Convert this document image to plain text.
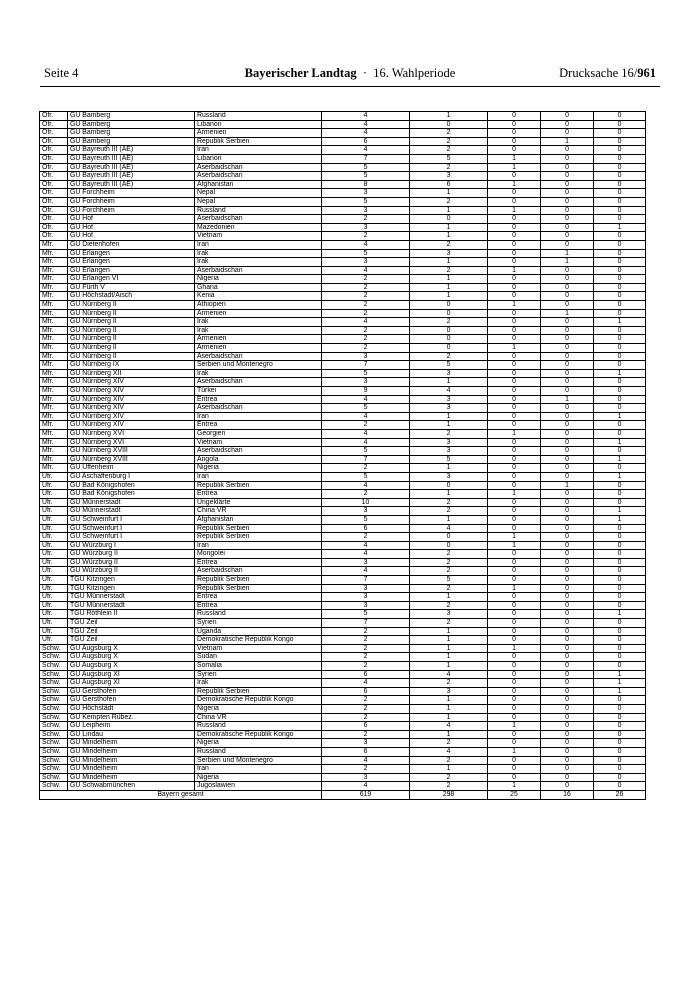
Seite 4	Bayerischer Landtag · 16. Wahlperiode	Drucksache 16/961
Ofr.	GU Bamberg	Russland	4	1	0	0	0
Ofr.	GU Bamberg	Libanon	4	0	0	0	0
Ofr.	GU Bamberg	Armenien	4	2	0	0	0
Ofr.	GU Bamberg	Republik Serbien	6	2	0	1	0
Ofr.	GU Bayreuth III (AE)	Iran	4	2	0	0	0
Ofr.	GU Bayreuth III (AE)	Libanon	7	5	1	0	0
Ofr.	GU Bayreuth III (AE)	Aserbaidschan	5	2	1	0	0
Ofr.	GU Bayreuth III (AE)	Aserbaidschan	5	3	0	0	0
Ofr.	GU Bayreuth III (AE)	Afghanistan	8	6	1	0	0
Ofr.	GU Forchheim	Nepal	3	1	0	0	0
Ofr.	GU Forchheim	Nepal	5	2	0	0	0
Ofr.	GU Forchheim	Russland	3	1	1	0	0
Ofr.	GU Hof	Aserbaidschan	2	0	0	0	0
Ofr.	GU Hof	Mazedonien	3	1	0	0	1
Ofr.	GU Hof	Vietnam	2	1	0	0	0
Mfr.	GU Dietenhofen	Iran	4	2	0	0	0
Mfr.	GU Erlangen	Irak	5	3	0	1	0
Mfr.	GU Erlangen	Irak	3	1	0	1	0
Mfr.	GU Erlangen	Aserbaidschan	4	2	1	0	0
Mfr.	GU Erlangen VI	Nigeria	2	1	0	0	0
Mfr.	GU Fürth V	Ghana	2	1	0	0	0
Mfr.	GU Höchstadt/Aisch	Kenia	2	1	0	0	0
Mfr.	GU Nürnberg II	Äthiopien	2	0	1	0	0
Mfr.	GU Nürnberg II	Armenien	2	0	0	1	0
Mfr.	GU Nürnberg II	Irak	4	2	0	0	1
Mfr.	GU Nürnberg II	Irak	2	0	0	0	0
Mfr.	GU Nürnberg II	Armenien	2	0	0	0	0
Mfr.	GU Nürnberg II	Armenien	2	0	1	0	0
Mfr.	GU Nürnberg II	Aserbaidschan	3	2	0	0	0
Mfr.	GU Nürnberg IX	Serbien und Montenegro	7	5	0	0	0
Mfr.	GU Nürnberg XII	Irak	5	3	0	0	1
Mfr.	GU Nürnberg XIV	Aserbaidschan	3	1	0	0	0
Mfr.	GU Nürnberg XIV	Türkei	9	4	0	0	0
Mfr.	GU Nürnberg XIV	Eritrea	4	3	0	1	0
Mfr.	GU Nürnberg XIV	Aserbaidschan	5	3	0	0	0
Mfr.	GU Nürnberg XIV	Iran	4	1	0	0	1
Mfr.	GU Nürnberg XIV	Eritrea	2	1	0	0	0
Mfr.	GU Nürnberg XVI	Georgien	4	2	1	0	0
Mfr.	GU Nürnberg XVI	Vietnam	4	3	0	0	1
Mfr.	GU Nürnberg XVIII	Aserbaidschan	5	3	0	0	0
Mfr.	GU Nürnberg XVIII	Angola	7	5	0	0	1
Mfr.	GU Uffenheim	Nigeria	2	1	0	0	0
Ufr.	GU Aschaffenburg I	Iran	5	3	0	0	1
Ufr.	GU Bad Königshofen	Republik Serbien	4	0	0	1	0
Ufr.	GU Bad Königshofen	Eritrea	2	1	1	0	0
Ufr.	GU Münnerstadt	Ungeklärte	10	2	0	0	0
Ufr.	GU Münnerstadt	China VR	3	2	0	0	1
Ufr.	GU Schweinfurt I	Afghanistan	5	1	0	0	1
Ufr.	GU Schweinfurt I	Republik Serbien	6	4	0	0	0
Ufr.	GU Schweinfurt I	Republik Serbien	2	0	1	0	0
Ufr.	GU Würzburg I	Iran	4	0	1	0	0
Ufr.	GU Würzburg II	Mongolei	4	2	0	0	0
Ufr.	GU Würzburg II	Eritrea	3	2	0	0	0
Ufr.	GU Würzburg II	Aserbaidschan	4	2	0	0	0
Ufr.	TGU Kitzingen	Republik Serbien	7	5	0	0	0
Ufr.	TGU Kitzingen	Republik Serbien	3	2	1	0	0
Ufr.	TGU Münnerstadt	Eritrea	3	1	0	0	0
Ufr.	TGU Münnerstadt	Eritrea	3	2	0	0	0
Ufr.	TGU Röthlein II	Russland	5	3	0	0	1
Ufr.	TGU Zeil	Syrien	7	2	0	0	0
Ufr.	TGU Zeil	Uganda	2	1	0	0	0
Ufr.	TGU Zeil	Demokratische Republik Kongo	2	1	0	0	0
Schw.	GU Augsburg X	Vietnam	2	1	1	0	0
Schw.	GU Augsburg X	Sudan	2	1	0	0	0
Schw.	GU Augsburg X	Somalia	2	1	0	0	0
Schw.	GU Augsburg XI	Syrien	6	4	0	0	1
Schw.	GU Augsburg XI	Irak	4	2	0	0	1
Schw.	GU Gersthofen	Republik Serbien	6	3	0	0	1
Schw.	GU Gersthofen	Demokratische Republik Kongo	2	1	0	0	0
Schw.	GU Höchstädt	Nigeria	2	1	0	0	0
Schw.	GU Kempten Rübez.	China VR	2	1	0	0	0
Schw.	GU Leipheim	Russland	6	4	1	0	0
Schw.	GU Lindau	Demokratische Republik Kongo	2	1	0	0	0
Schw.	GU Mindelheim	Nigeria	3	2	0	0	0
Schw.	GU Mindelheim	Russland	6	4	1	0	0
Schw.	GU Mindelheim	Serbien und Montenegro	4	2	0	0	0
Schw.	GU Mindelheim	Iran	2	1	0	0	0
Schw.	GU Mindelheim	Nigeria	3	2	0	0	0
Schw.	GU Schwabmünchen	Jugoslawien	4	2	1	0	0
Bayern gesamt			619	298	25	16	26
